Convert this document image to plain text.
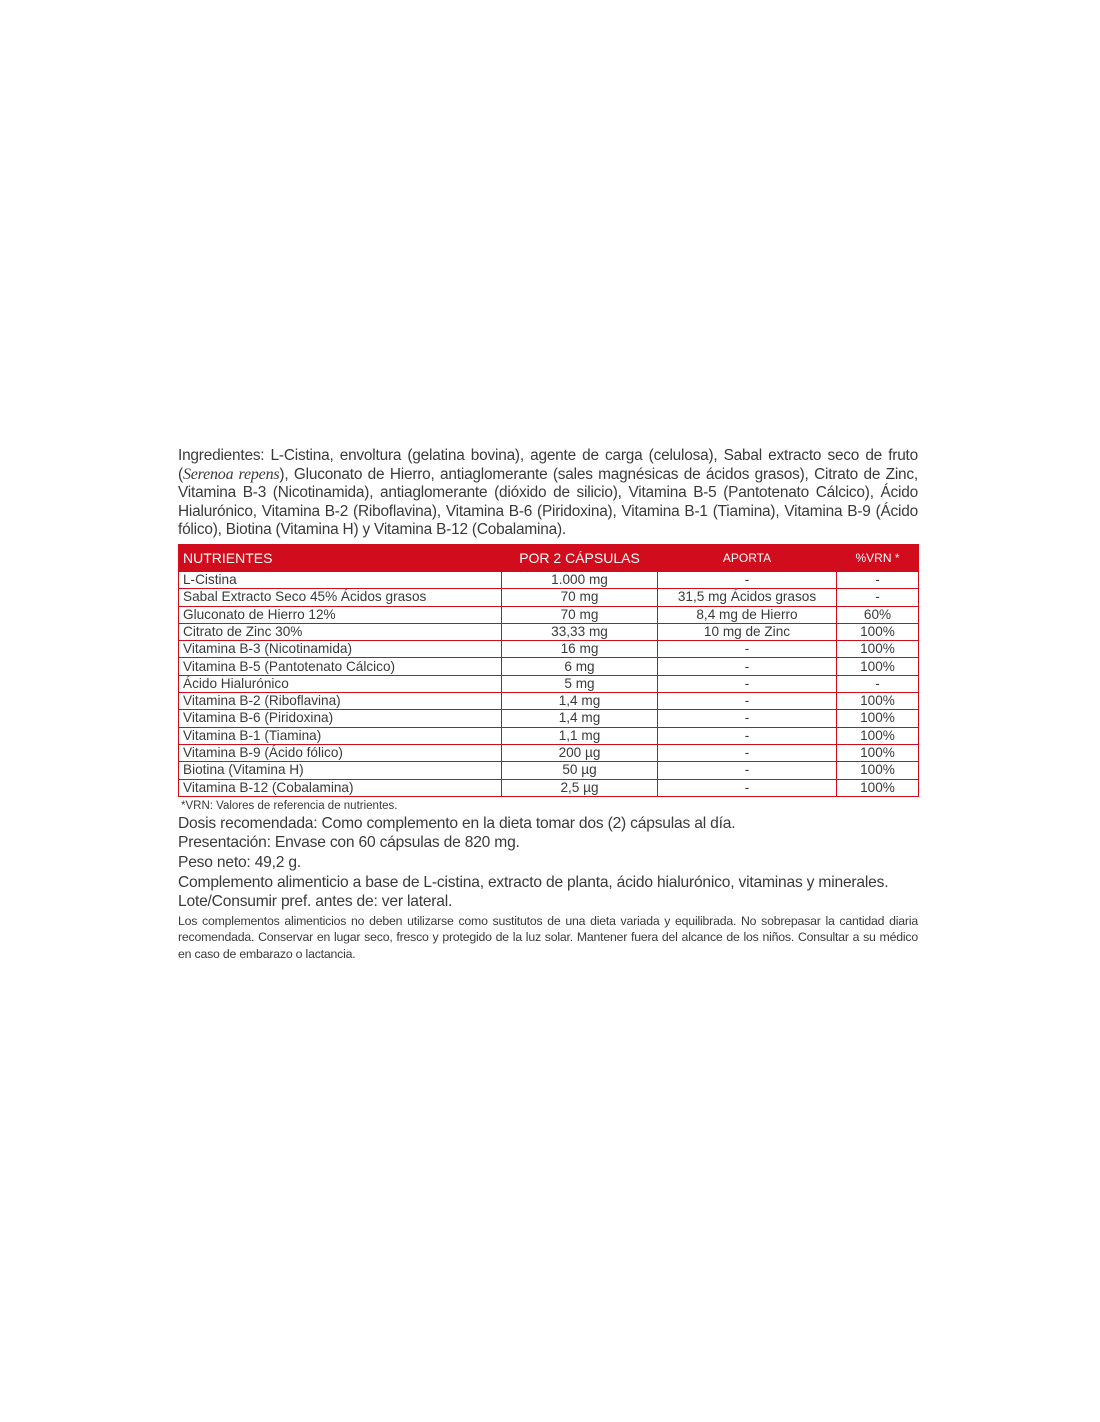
Ingredientes: L-Cistina, envoltura (gelatina bovina), agente de carga (celulosa), Sabal extracto seco de fruto (Serenoa repens), Gluconato de Hierro, antiaglomerante (sales magnésicas de ácidos grasos), Citrato de Zinc, Vitamina B-3 (Nicotinamida), antiaglomerante (dióxido de silicio), Vitamina B-5 (Pantotenato Cálcico), Ácido Hialurónico, Vitamina B-2 (Riboflavina), Vitamina B-6 (Piridoxina), Vitamina B-1 (Tiamina), Vitamina B-9 (Ácido fólico), Biotina (Vitamina H) y Vitamina B-12 (Cobalamina).

NUTRIENTES	POR 2 CÁPSULAS	APORTA	%VRN *
L-Cistina	1.000 mg	-	-
Sabal Extracto Seco 45% Ácidos grasos	70 mg	31,5 mg Ácidos grasos	-
Gluconato de Hierro 12%	70 mg	8,4 mg de Hierro	60%
Citrato de Zinc 30%	33,33 mg	10 mg de Zinc	100%
Vitamina B-3 (Nicotinamida)	16 mg	-	100%
Vitamina B-5 (Pantotenato Cálcico)	6 mg	-	100%
Ácido Hialurónico	5 mg	-	-
Vitamina B-2 (Riboflavina)	1,4 mg	-	100%
Vitamina B-6 (Piridoxina)	1,4 mg	-	100%
Vitamina B-1 (Tiamina)	1,1 mg	-	100%
Vitamina B-9 (Ácido fólico)	200 µg	-	100%
Biotina (Vitamina H)	50 µg	-	100%
Vitamina B-12 (Cobalamina)	2,5 µg	-	100%
*VRN: Valores de referencia de nutrientes.

Dosis recomendada: Como complemento en la dieta tomar dos (2) cápsulas al día.

Presentación: Envase con 60 cápsulas de 820 mg.

Peso neto: 49,2 g.

Complemento alimenticio a base de L-cistina, extracto de planta, ácido hialurónico, vitaminas y minerales.

Lote/Consumir pref. antes de: ver lateral.

Los complementos alimenticios no deben utilizarse como sustitutos de una dieta variada y equilibrada. No sobrepasar la cantidad diaria recomendada. Conservar en lugar seco, fresco y protegido de la luz solar. Mantener fuera del alcance de los niños. Consultar a su médico en caso de embarazo o lactancia.
